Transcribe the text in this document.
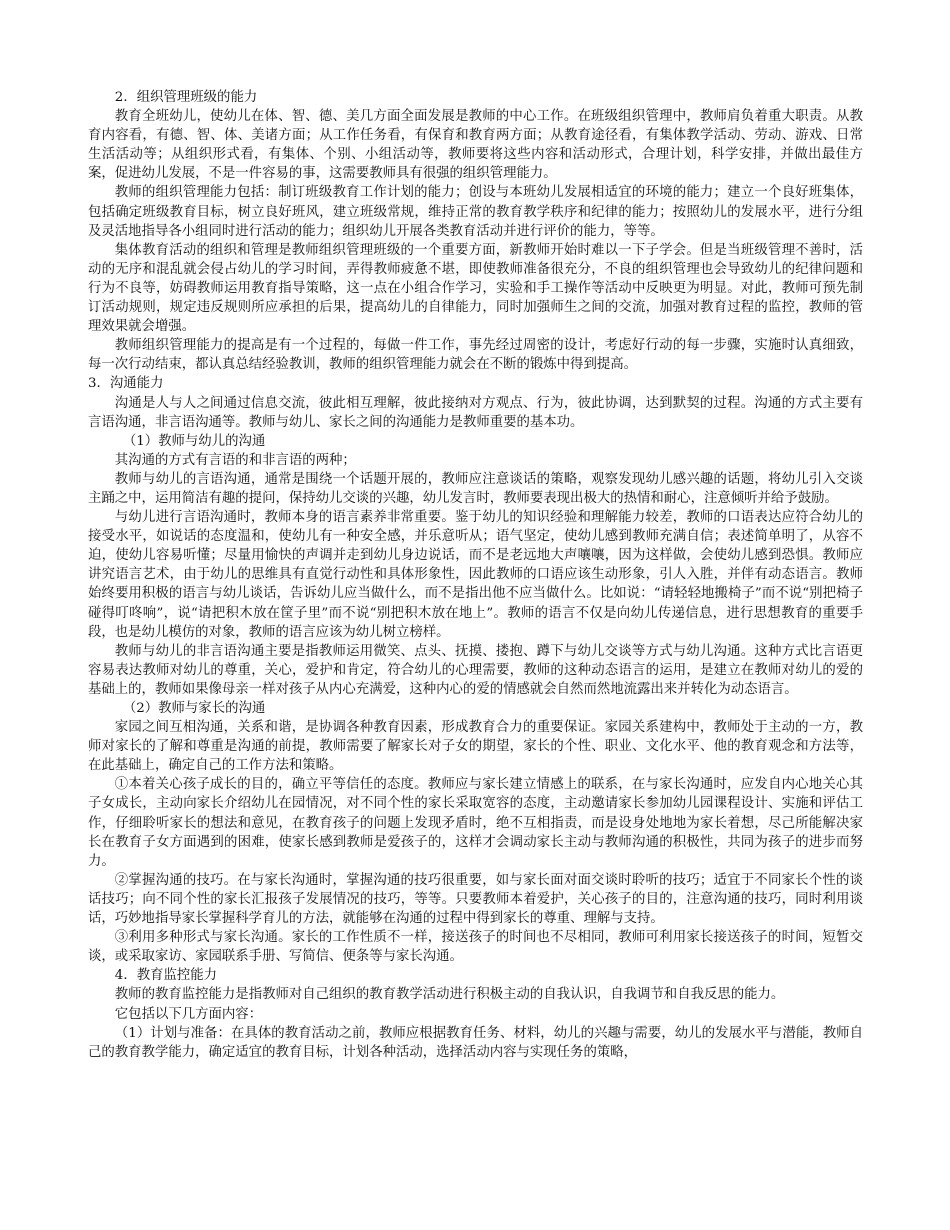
2．组织管理班级的能力

教育全班幼儿，使幼儿在体、智、德、美几方面全面发展是教师的中心工作。在班级组织管理中，教师肩负着重大职责。从教育内容看，有德、智、体、美诸方面；从工作任务看，有保育和教育两方面；从教育途径看，有集体教学活动、劳动、游戏、日常生活活动等；从组织形式看，有集体、个别、小组活动等，教师要将这些内容和活动形式，合理计划，科学安排，并做出最佳方案，促进幼儿发展，不是一件容易的事，这需要教师具有很强的组织管理能力。

教师的组织管理能力包括：制订班级教育工作计划的能力；创设与本班幼儿发展相适宜的环境的能力；建立一个良好班集体，包括确定班级教育目标，树立良好班风，建立班级常规，维持正常的教育教学秩序和纪律的能力；按照幼儿的发展水平，进行分组及灵活地指导各小组同时进行活动的能力；组织幼儿开展各类教育活动并进行评价的能力，等等。

集体教育活动的组织和管理是教师组织管理班级的一个重要方面，新教师开始时难以一下子学会。但是当班级管理不善时，活动的无序和混乱就会侵占幼儿的学习时间，弄得教师疲惫不堪，即使教师准备很充分，不良的组织管理也会导致幼儿的纪律问题和行为不良等，妨碍教师运用教育指导策略，这一点在小组合作学习，实验和手工操作等活动中反映更为明显。对此，教师可预先制订活动规则，规定违反规则所应承担的后果，提高幼儿的自律能力，同时加强师生之间的交流，加强对教育过程的监控，教师的管理效果就会增强。

教师组织管理能力的提高是有一个过程的，每做一件工作，事先经过周密的设计，考虑好行动的每一步骤，实施时认真细致，每一次行动结束，都认真总结经验教训，教师的组织管理能力就会在不断的锻炼中得到提高。

3．沟通能力

沟通是人与人之间通过信息交流，彼此相互理解，彼此接纳对方观点、行为，彼此协调，达到默契的过程。沟通的方式主要有言语沟通，非言语沟通等。教师与幼儿、家长之间的沟通能力是教师重要的基本功。

（1）教师与幼儿的沟通

其沟通的方式有言语的和非言语的两种；

教师与幼儿的言语沟通，通常是围绕一个话题开展的，教师应注意谈话的策略，观察发现幼儿感兴趣的话题，将幼儿引入交谈主踊之中，运用简洁有趣的提问，保持幼儿交谈的兴趣，幼儿发言时，教师要表现出极大的热情和耐心，注意倾听并给予鼓励。

与幼儿进行言语沟通时，教师本身的语言素养非常重要。鉴于幼儿的知识经验和理解能力较差，教师的口语表达应符合幼儿的接受水平，如说话的态度温和，使幼儿有一种安全感，并乐意听从；语气坚定，使幼儿感到教师充满自信；表述简单明了，从容不迫，使幼儿容易听懂；尽量用愉快的声调并走到幼儿身边说话，而不是老远地大声嚷嚷，因为这样做，会使幼儿感到恐惧。教师应讲究语言艺术，由于幼儿的思维具有直觉行动性和具体形象性，因此教师的口语应该生动形象，引人入胜，并伴有动态语言。教师始终要用积极的语言与幼儿谈话，告诉幼儿应当做什么，而不是指出他不应当做什么。比如说：“请轻轻地搬椅子”而不说“别把椅子碰得叮咚响”，说“请把积木放在筐子里”而不说“别把积木放在地上”。教师的语言不仅是向幼儿传递信息，进行思想教育的重要手段，也是幼儿模仿的对象，教师的语言应该为幼儿树立榜样。

教师与幼儿的非言语沟通主要是指教师运用微笑、点头、抚摸、搂抱、蹲下与幼儿交谈等方式与幼儿沟通。这种方式比言语更容易表达教师对幼儿的尊重，关心，爱护和肯定，符合幼儿的心理需要，教师的这种动态语言的运用，是建立在教师对幼儿的爱的基础上的，教师如果像母亲一样对孩子从内心充满爱，这种内心的爱的情感就会自然而然地流露出来并转化为动态语言。

（2）教师与家长的沟通

家园之间互相沟通，关系和谐，是协调各种教育因素，形成教育合力的重要保证。家园关系建构中，教师处于主动的一方，教师对家长的了解和尊重是沟通的前提，教师需要了解家长对子女的期望，家长的个性、职业、文化水平、他的教育观念和方法等，在此基础上，确定自己的工作方法和策略。

①本着关心孩子成长的目的，确立平等信任的态度。教师应与家长建立情感上的联系，在与家长沟通时，应发自内心地关心其子女成长，主动向家长介绍幼儿在园情况，对不同个性的家长采取宽容的态度，主动邀请家长参加幼儿园课程设计、实施和评估工作，仔细聆听家长的想法和意见，在教育孩子的问题上发现矛盾时，绝不互相指责，而是设身处地地为家长着想，尽己所能解决家长在教育子女方面遇到的困难，使家长感到教师是爱孩子的，这样才会调动家长主动与教师沟通的积极性，共同为孩子的进步而努力。

②掌握沟通的技巧。在与家长沟通时，掌握沟通的技巧很重要，如与家长面对面交谈时聆听的技巧；适宜于不同家长个性的谈话技巧；向不同个性的家长汇报孩子发展情况的技巧，等等。只要教师本着爱护，关心孩子的目的，注意沟通的技巧，同时利用谈话，巧妙地指导家长掌握科学育儿的方法，就能够在沟通的过程中得到家长的尊重、理解与支持。

③利用多种形式与家长沟通。家长的工作性质不一样，接送孩子的时间也不尽相同，教师可利用家长接送孩子的时间，短暂交谈，或采取家访、家园联系手册、写简信、便条等与家长沟通。

4．教育监控能力

教师的教育监控能力是指教师对自己组织的教育教学活动进行积极主动的自我认识，自我调节和自我反思的能力。

它包括以下几方面内容：

（1）计划与准备：在具体的教育活动之前，教师应根据教育任务、材料，幼儿的兴趣与需要，幼儿的发展水平与潜能，教师自己的教育教学能力，确定适宜的教育目标，计划各种活动，选择活动内容与实现任务的策略，
